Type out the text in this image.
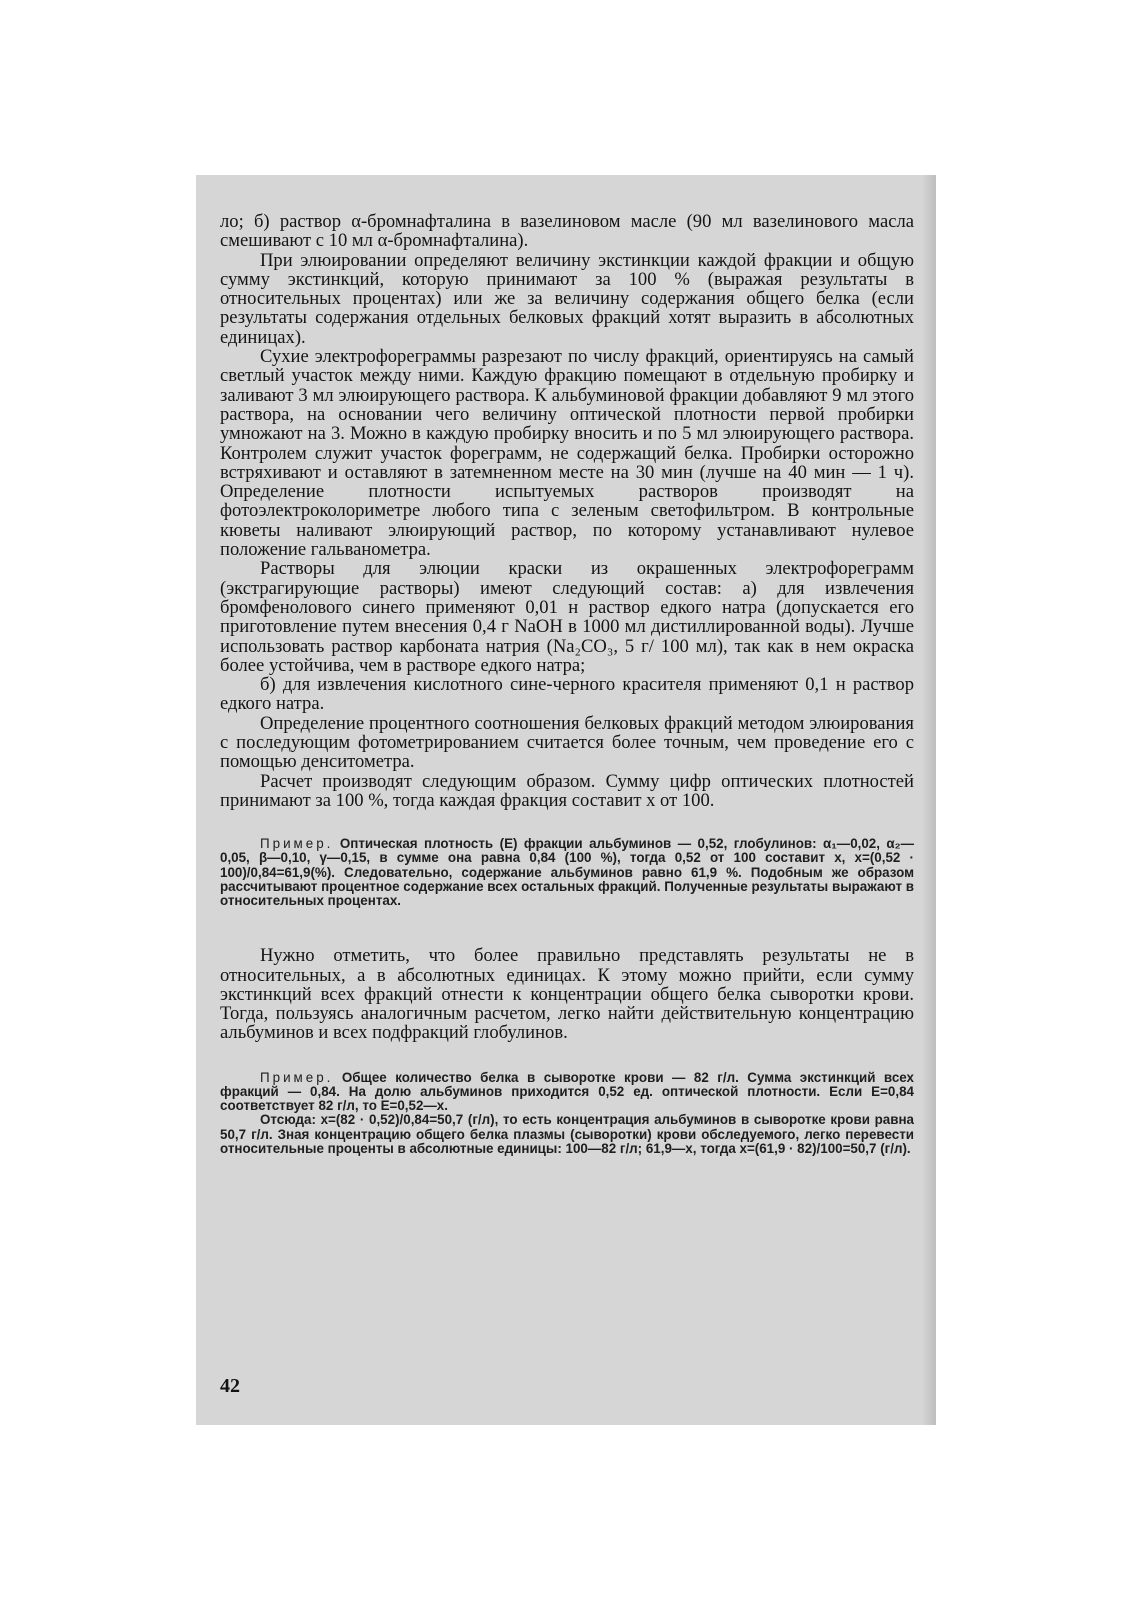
ло; б) раствор α-бромнафталина в вазелиновом масле (90 мл вазелинового масла смешивают с 10 мл α-бромнафталина).

При элюировании определяют величину экстинкции каждой фракции и общую сумму экстинкций, которую принимают за 100 % (выражая результаты в относительных процентах) или же за величину содержания общего белка (если результаты содержания отдельных белковых фракций хотят выразить в абсолютных единицах).

Сухие электрофореграммы разрезают по числу фракций, ориентируясь на самый светлый участок между ними. Каждую фракцию помещают в отдельную пробирку и заливают 3 мл элюирующего раствора. К альбуминовой фракции добавляют 9 мл этого раствора, на основании чего величину оптической плотности первой пробирки умножают на 3. Можно в каждую пробирку вносить и по 5 мл элюирующего раствора. Контролем служит участок фореграмм, не содержащий белка. Пробирки осторожно встряхивают и оставляют в затемненном месте на 30 мин (лучше на 40 мин — 1 ч). Определение плотности испытуемых растворов производят на фотоэлектроколориметре любого типа с зеленым светофильтром. В контрольные кюветы наливают элюирующий раствор, по которому устанавливают нулевое положение гальванометра.

Растворы для элюции краски из окрашенных электрофореграмм (экстрагирующие растворы) имеют следующий состав: а) для извлечения бромфенолового синего применяют 0,01 н раствор едкого натра (допускается его приготовление путем внесения 0,4 г NaOH в 1000 мл дистиллированной воды). Лучше использовать раствор карбоната натрия (Na₂CO₃, 5 г/ 100 мл), так как в нем окраска более устойчива, чем в растворе едкого натра;

б) для извлечения кислотного сине-черного красителя применяют 0,1 н раствор едкого натра.

Определение процентного соотношения белковых фракций методом элюирования с последующим фотометрированием считается более точным, чем проведение его с помощью денситометра.

Расчет производят следующим образом. Сумму цифр оптических плотностей принимают за 100 %, тогда каждая фракция составит x от 100.

Пример. Оптическая плотность (Е) фракции альбуминов — 0,52, глобулинов: α₁—0,02, α₂—0,05, β—0,10, γ—0,15, в сумме она равна 0,84 (100 %), тогда 0,52 от 100 составит x, x=(0,52 · 100)/0,84=61,9(%). Следовательно, содержание альбуминов равно 61,9 %. Подобным же образом рассчитывают процентное содержание всех остальных фракций. Полученные результаты выражают в относительных процентах.

Нужно отметить, что более правильно представлять результаты не в относительных, а в абсолютных единицах. К этому можно прийти, если сумму экстинкций всех фракций отнести к концентрации общего белка сыворотки крови. Тогда, пользуясь аналогичным расчетом, легко найти действительную концентрацию альбуминов и всех подфракций глобулинов.

Пример. Общее количество белка в сыворотке крови — 82 г/л. Сумма экстинкций всех фракций — 0,84. На долю альбуминов приходится 0,52 ед. оптической плотности. Если Е=0,84 соответствует 82 г/л, то Е=0,52—x.

Отсюда: x=(82 · 0,52)/0,84=50,7 (г/л), то есть концентрация альбуминов в сыворотке крови равна 50,7 г/л. Зная концентрацию общего белка плазмы (сыворотки) крови обследуемого, легко перевести относительные проценты в абсолютные единицы: 100—82 г/л; 61,9—x, тогда x=(61,9 · 82)/100=50,7 (г/л).

42
